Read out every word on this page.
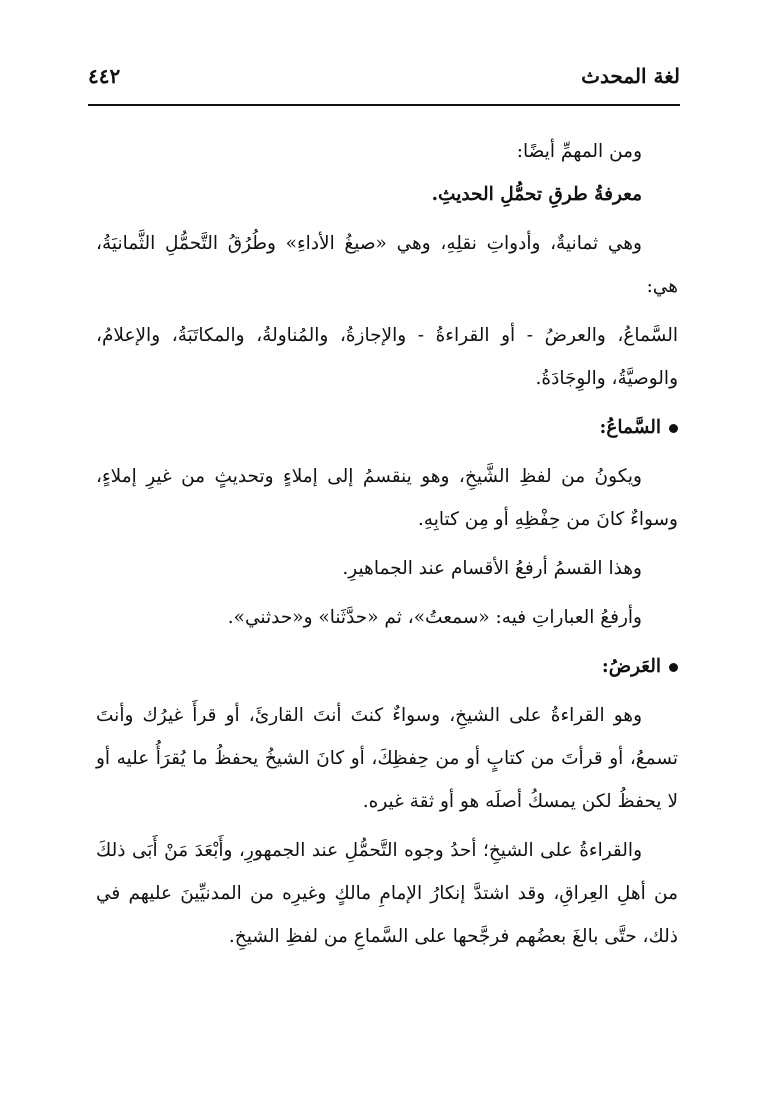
لغة المحدث
٤٤٢

ومن المهمِّ أيضًا:

معرفةُ طرقِ تحمُّلِ الحديثِ.

وهي ثمانيةٌ، وأدواتِ نقلِهِ، وهي «صيغُ الأداءِ» وطُرُقُ التَّحمُّلِ الثَّمانيَةُ، هي:

السَّماعُ، والعرضُ - أو القراءةُ - والإجازةُ، والمُناولةُ، والمكاتَبَةُ، والإعلامُ، والوصيَّةُ، والوِجَادَةُ.

السَّماعُ:

ويكونُ من لفظِ الشَّيخِ، وهو ينقسمُ إلى إملاءٍ وتحديثٍ من غيرِ إملاءٍ، وسواءٌ كانَ من حِفْظِهِ أو مِن كتابِهِ.

وهذا القسمُ أرفعُ الأقسام عند الجماهيرِ.

وأرفعُ العباراتِ فيه: «سمعتُ»، ثم «حدَّثَنا» و«حدثني».

العَرضُ:

وهو القراءةُ على الشيخِ، وسواءٌ كنتَ أنتَ القارئَ، أو قرأَ غيرُك وأنتَ تسمعُ، أو قرأتَ من كتابٍ أو من حِفظِكَ، أو كانَ الشيخُ يحفظُ ما يُقرَأُ عليه أو لا يحفظُ لكن يمسكُ أصلَه هو أو ثقة غيره.

والقراءةُ على الشيخِ؛ أحدُ وجوه التَّحمُّلِ عند الجمهورِ، وأَبْعَدَ مَنْ أَبَى ذلكَ من أهلِ العِراقِ، وقد اشتدَّ إنكارُ الإمامِ مالكٍ وغيرِه من المدنيِّينَ عليهم في ذلك، حتَّى بالغَ بعضُهم فرجَّحها على السَّماعِ من لفظِ الشيخِ.
